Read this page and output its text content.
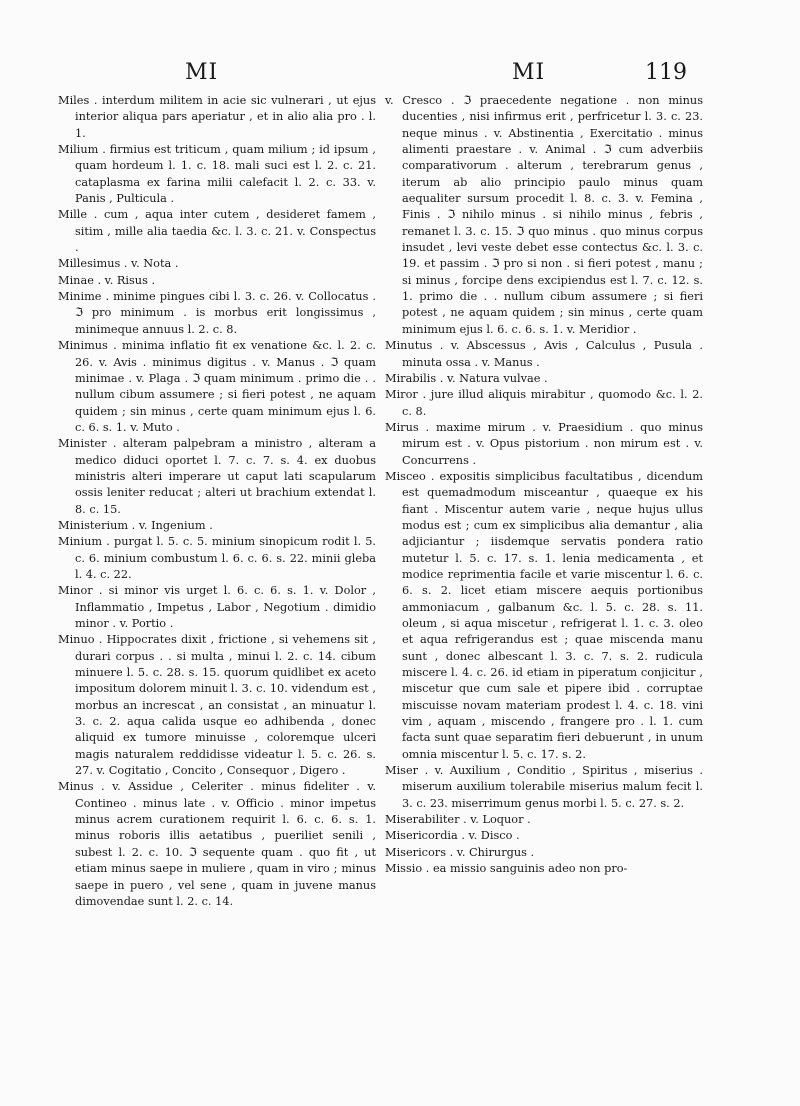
MI	MI	119

Miles . interdum militem in acie sic vulnerari , ut ejus interior aliqua pars aperiatur , et in alio alia pro . l. 1.

Milium . firmius est triticum , quam milium ; id ipsum , quam hordeum l. 1. c. 18. mali suci est l. 2. c. 21. cataplasma ex farina milii calefacit l. 2. c. 33. v. Panis , Pulticula .

Mille . cum , aqua inter cutem , desideret famem , sitim , mille alia taedia &c. l. 3. c. 21. v. Conspectus .

Millesimus . v. Nota .

Minae . v. Risus .

Minime . minime pingues cibi l. 3. c. 26. v. Collocatus . ℑ pro minimum . is morbus erit longissimus , minimeque annuus l. 2. c. 8.

Minimus . minima inflatio fit ex venatione &c. l. 2. c. 26. v. Avis . minimus digitus . v. Manus . ℑ quam minimae . v. Plaga . ℑ quam minimum . primo die . . nullum cibum assumere ; si fieri potest , ne aquam quidem ; sin minus , certe quam minimum ejus l. 6. c. 6. s. 1. v. Muto .

Minister . alteram palpebram a ministro , alteram a medico diduci oportet l. 7. c. 7. s. 4. ex duobus ministris alteri imperare ut caput lati scapularum ossis leniter reducat ; alteri ut brachium extendat l. 8. c. 15.

Ministerium . v. Ingenium .

Minium . purgat l. 5. c. 5. minium sinopicum rodit l. 5. c. 6. minium combustum l. 6. c. 6. s. 22. minii gleba l. 4. c. 22.

Minor . si minor vis urget l. 6. c. 6. s. 1. v. Dolor , Inflammatio , Impetus , Labor , Negotium . dimidio minor . v. Portio .

Minuo . Hippocrates dixit , frictione , si vehemens sit , durari corpus . . si multa , minui l. 2. c. 14. cibum minuere l. 5. c. 28. s. 15. quorum quidlibet ex aceto impositum dolorem minuit l. 3. c. 10. videndum est , morbus an increscat , an consistat , an minuatur l. 3. c. 2. aqua calida usque eo adhibenda , donec aliquid ex tumore minuisse , coloremque ulceri magis naturalem reddidisse videatur l. 5. c. 26. s. 27. v. Cogitatio , Concito , Consequor , Digero .

Minus . v. Assidue , Celeriter . minus fideliter . v. Contineo . minus late . v. Officio . minor impetus minus acrem curationem requirit l. 6. c. 6. s. 1. minus roboris illis aetatibus , pueriliet senili , subest l. 2. c. 10. ℑ sequente quam . quo fit , ut etiam minus saepe in muliere , quam in viro ; minus saepe in puero , vel sene , quam in juvene manus dimovendae sunt l. 2. c. 14.

v. Cresco . ℑ praecedente negatione . non minus ducenties , nisi infirmus erit , perfricetur l. 3. c. 23. neque minus . v. Abstinentia , Exercitatio . minus alimenti praestare . v. Animal . ℑ cum adverbiis comparativorum . alterum , terebrarum genus , iterum ab alio principio paulo minus quam aequaliter sursum procedit l. 8. c. 3. v. Femina , Finis . ℑ nihilo minus . si nihilo minus , febris , remanet l. 3. c. 15. ℑ quo minus . quo minus corpus insudet , levi veste debet esse contectus &c. l. 3. c. 19. et passim . ℑ pro si non . si fieri potest , manu ; si minus , forcipe dens excipiendus est l. 7. c. 12. s. 1. primo die . . nullum cibum assumere ; si fieri potest , ne aquam quidem ; sin minus , certe quam minimum ejus l. 6. c. 6. s. 1. v. Meridior .

Minutus . v. Abscessus , Avis , Calculus , Pusula . minuta ossa . v. Manus .

Mirabilis . v. Natura vulvae .

Miror . jure illud aliquis mirabitur , quomodo &c. l. 2. c. 8.

Mirus . maxime mirum . v. Praesidium . quo minus mirum est . v. Opus pistorium . non mirum est . v. Concurrens .

Misceo . expositis simplicibus facultatibus , dicendum est quemadmodum misceantur , quaeque ex his fiant . Miscentur autem varie , neque hujus ullus modus est ; cum ex simplicibus alia demantur , alia adjiciantur ; iisdemque servatis pondera ratio mutetur l. 5. c. 17. s. 1. lenia medicamenta , et modice reprimentia facile et varie miscentur l. 6. c. 6. s. 2. licet etiam miscere aequis portionibus ammoniacum , galbanum &c. l. 5. c. 28. s. 11. oleum , si aqua miscetur , refrigerat l. 1. c. 3. oleo et aqua refrigerandus est ; quae miscenda manu sunt , donec albescant l. 3. c. 7. s. 2. rudicula miscere l. 4. c. 26. id etiam in piperatum conjicitur , miscetur que cum sale et pipere ibid . corruptae miscuisse novam materiam prodest l. 4. c. 18. vini vim , aquam , miscendo , frangere pro . l. 1. cum facta sunt quae separatim fieri debuerunt , in unum omnia miscentur l. 5. c. 17. s. 2.

Miser . v. Auxilium , Conditio , Spiritus , miserius . miserum auxilium tolerabile miserius malum fecit l. 3. c. 23. miserrimum genus morbi l. 5. c. 27. s. 2.

Miserabiliter . v. Loquor .

Misericordia . v. Disco .

Misericors . v. Chirurgus .

Missio . ea missio sanguinis adeo non pro-
